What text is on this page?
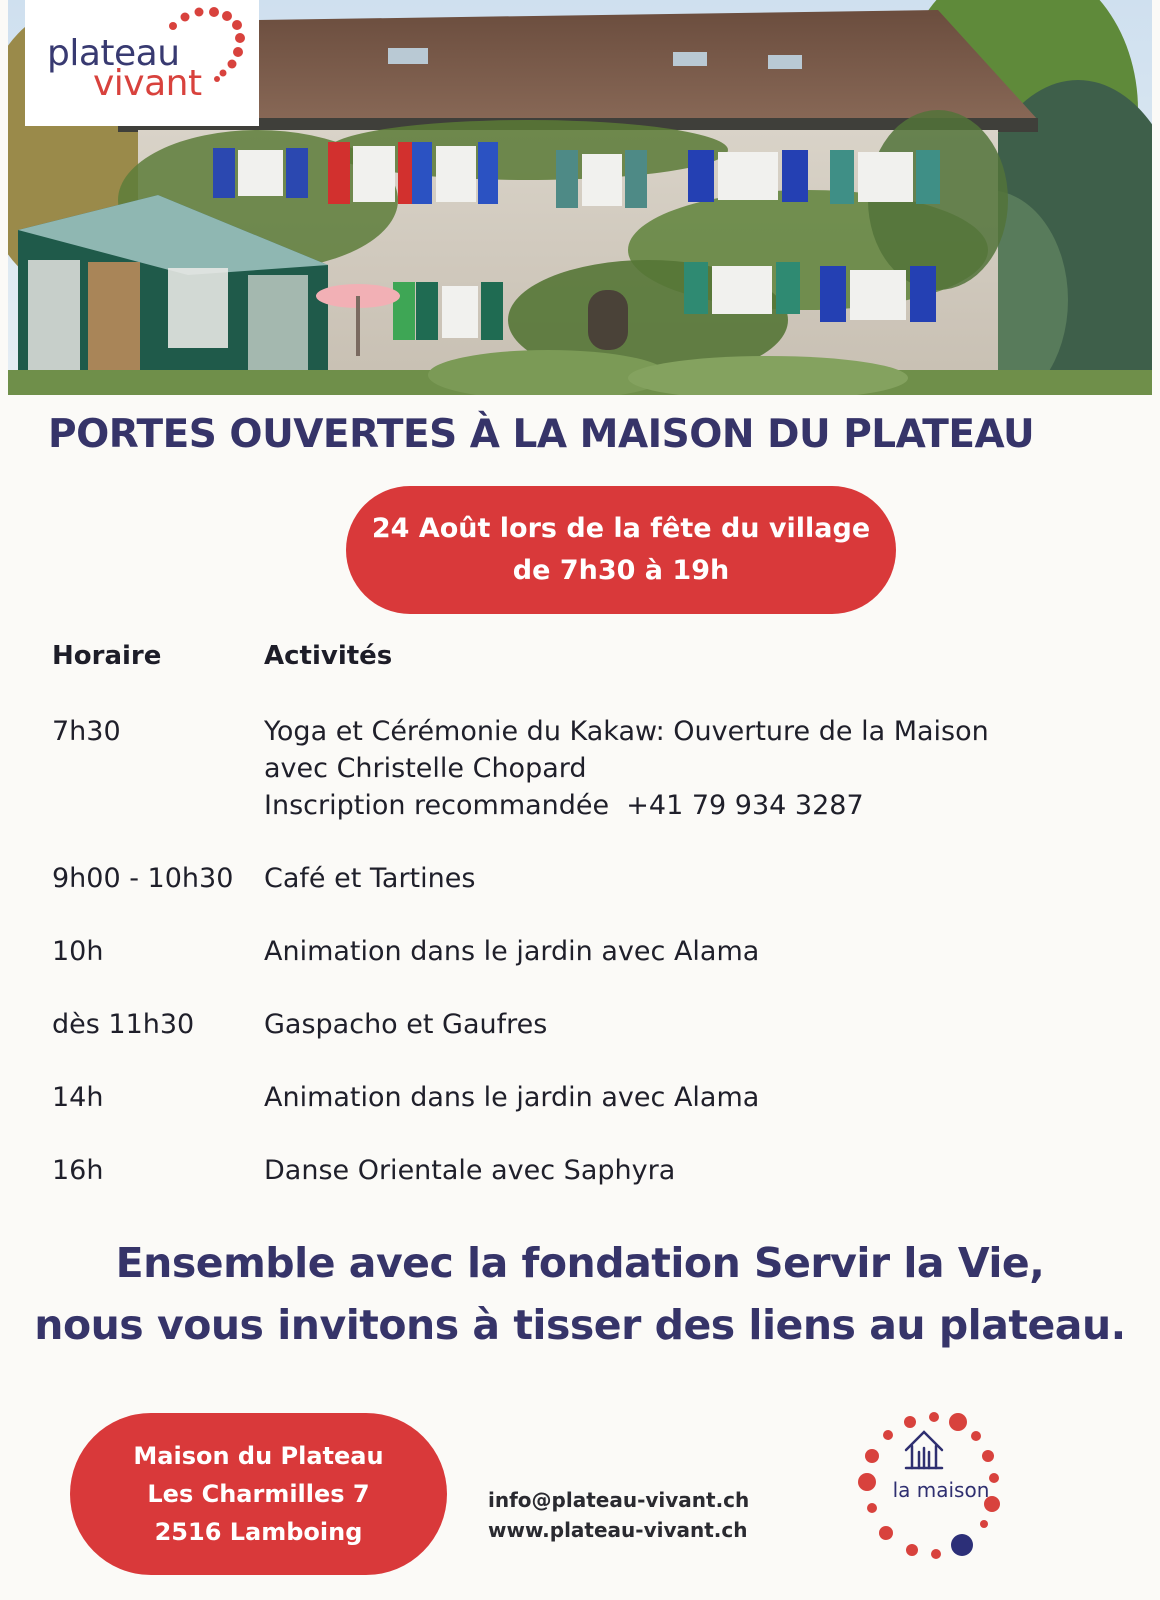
plateau
vivant
PORTES OUVERTES À LA MAISON DU PLATEAU
24 Août lors de la fête du village
de 7h30 à 19h
Horaire	Activités
7h30	Yoga et Cérémonie du Kakaw: Ouverture de la Maison
avec Christelle Chopard
Inscription recommandée  +41 79 934 3287
9h00 - 10h30	Café et Tartines
10h	Animation dans le jardin avec Alama
dès 11h30	Gaspacho et Gaufres
14h	Animation dans le jardin avec Alama
16h	Danse Orientale avec Saphyra
Ensemble avec la fondation Servir la Vie,
nous vous invitons à tisser des liens au plateau.
Maison du Plateau
Les Charmilles 7
2516 Lamboing
info@plateau-vivant.ch
www.plateau-vivant.ch
la maison
